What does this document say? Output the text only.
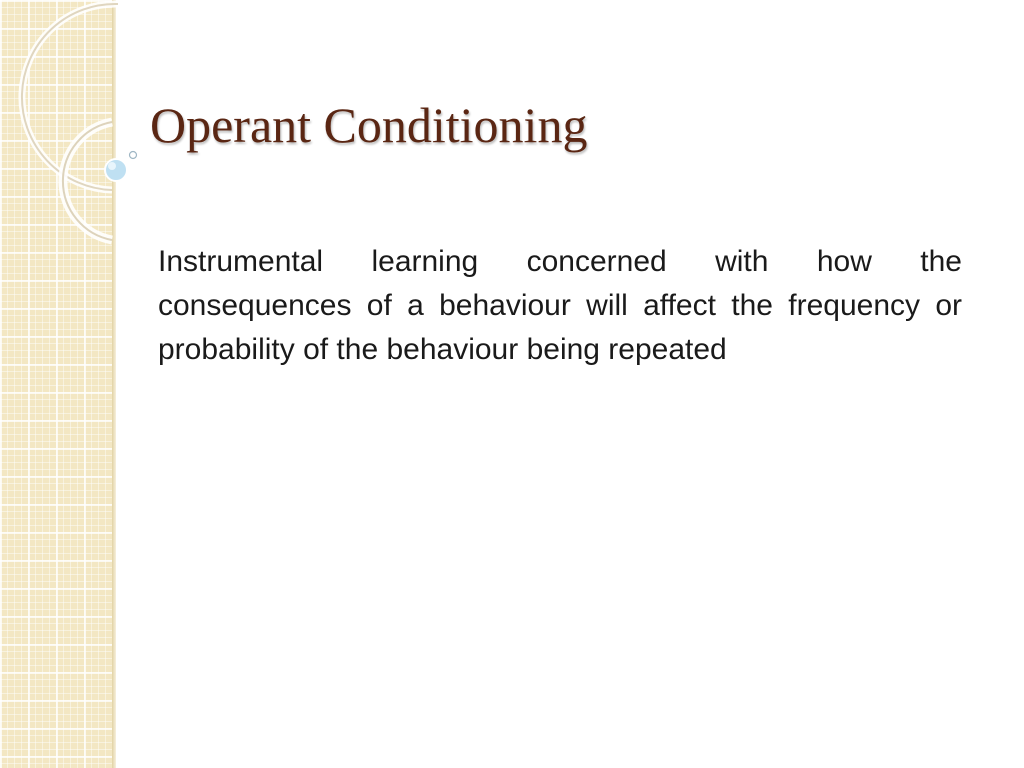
Operant Conditioning

Instrumental learning concerned with how the consequences of a behaviour will affect the frequency or probability of the behaviour being repeated
